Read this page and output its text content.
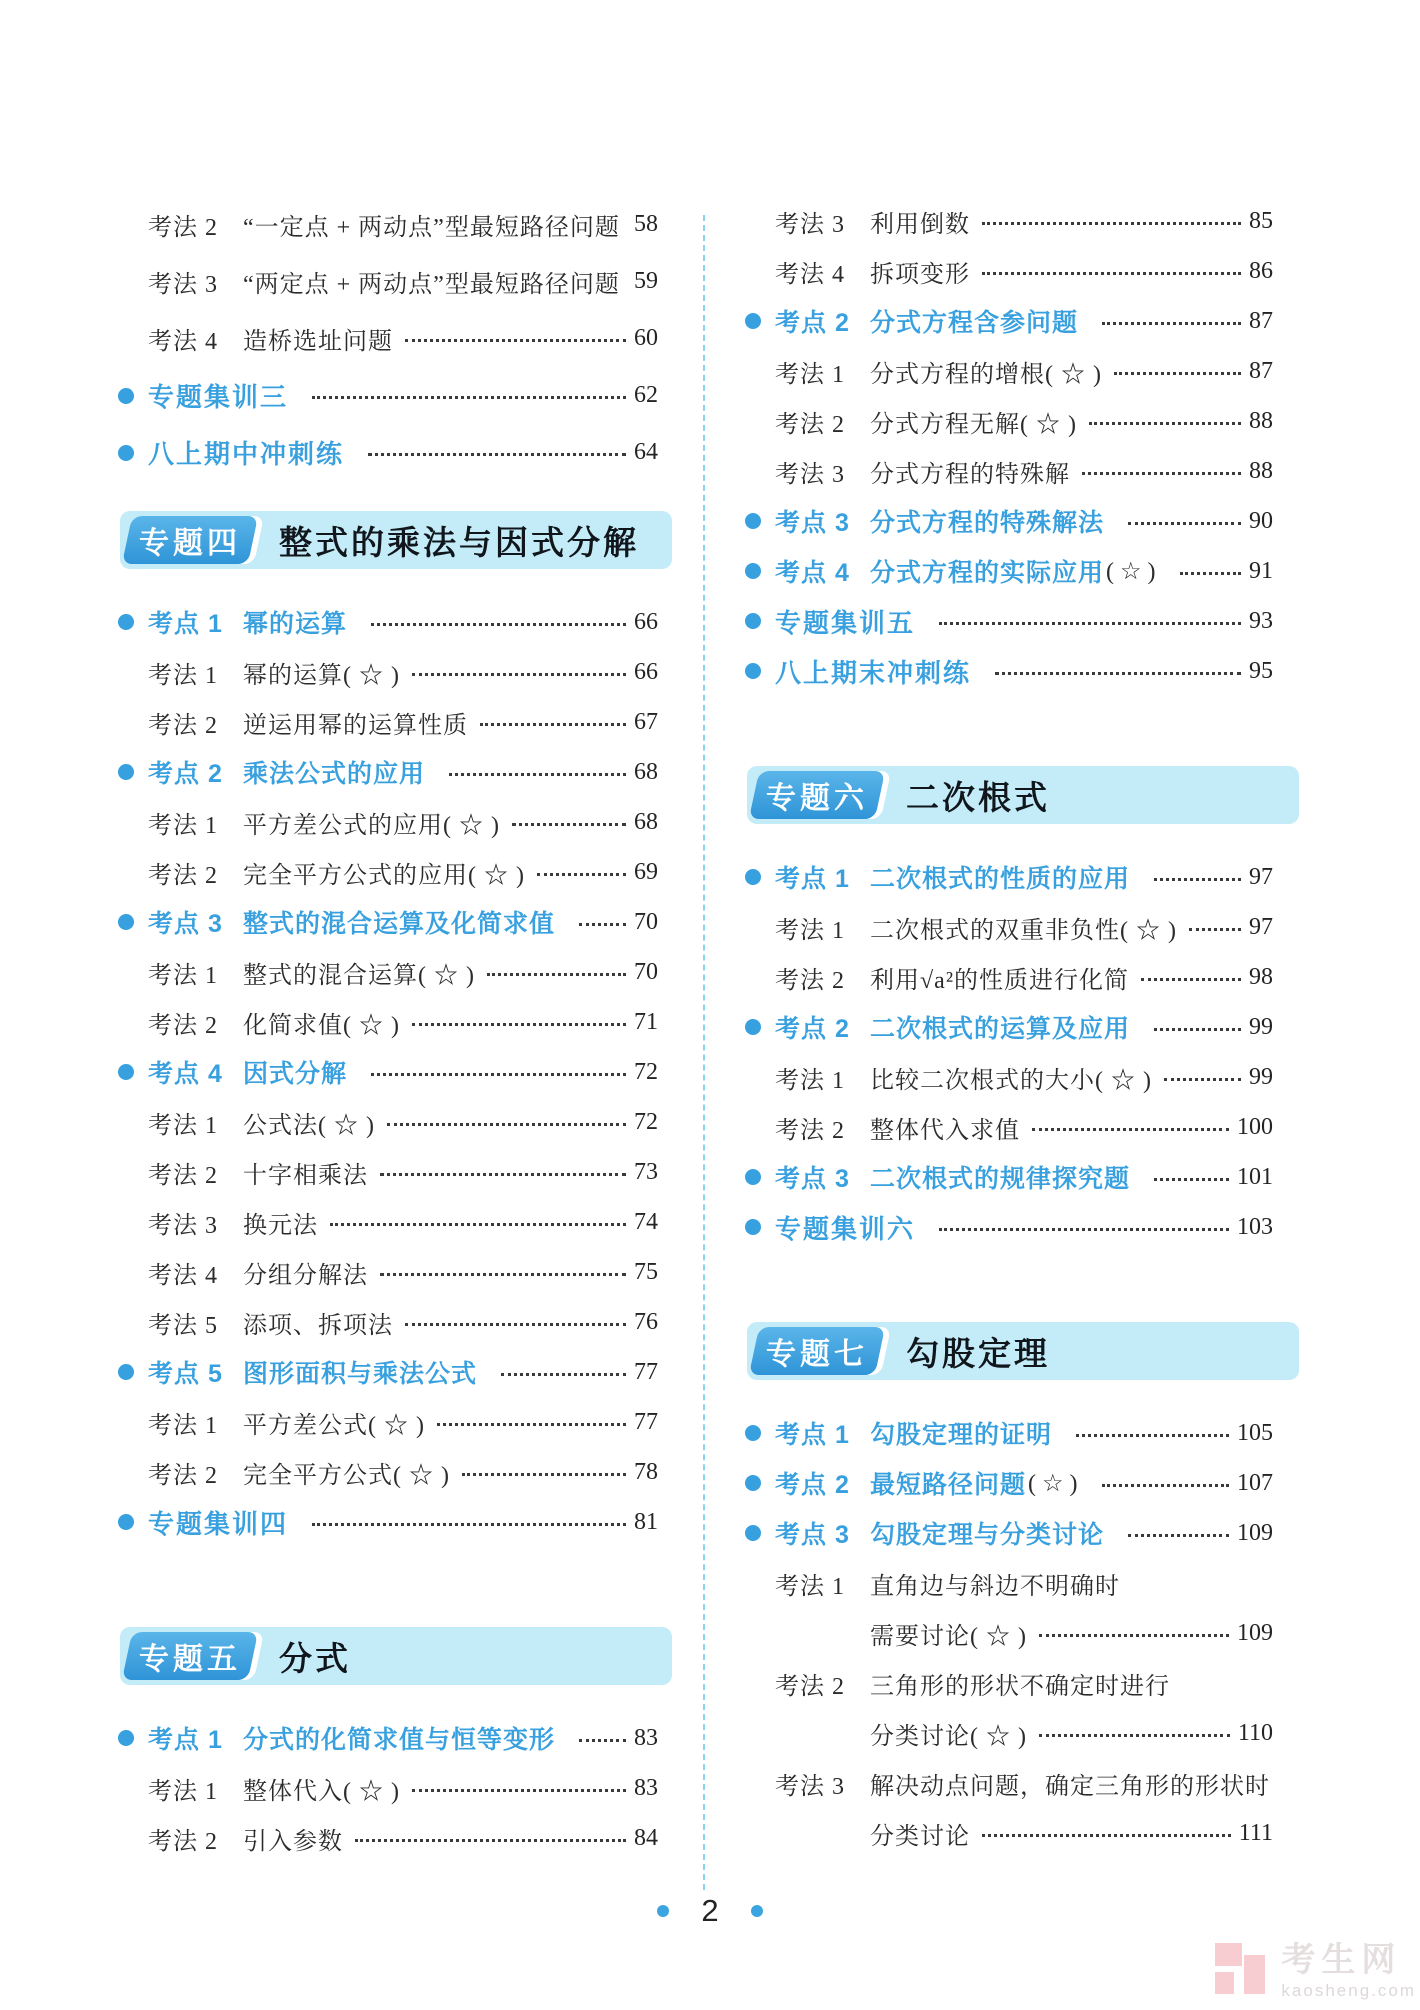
考法 2	“一定点 + 两动点”型最短路径问题 58
考法 3	“两定点 + 两动点”型最短路径问题 59
考法 4	造桥选址问题	60
专题集训三	62
八上期中冲刺练	64
专题四 整式的乘法与因式分解
考点 1 幂的运算	66
考法 1	幂的运算( ☆ )	66
考法 2	逆运用幂的运算性质	67
考点 2 乘法公式的应用	68
考法 1	平方差公式的应用( ☆ )	68
考法 2	完全平方公式的应用( ☆ )	69
考点 3 整式的混合运算及化简求值	70
考法 1	整式的混合运算( ☆ )	70
考法 2	化简求值( ☆ )	71
考点 4 因式分解	72
考法 1	公式法( ☆ )	72
考法 2	十字相乘法	73
考法 3	换元法	74
考法 4	分组分解法	75
考法 5	添项、拆项法	76
考点 5 图形面积与乘法公式	77
考法 1	平方差公式( ☆ )	77
考法 2	完全平方公式( ☆ )	78
专题集训四	81
专题五 分式
考点 1 分式的化简求值与恒等变形	83
考法 1	整体代入( ☆ )	83
考法 2	引入参数	84
考法 3	利用倒数	85
考法 4	拆项变形	86
考点 2 分式方程含参问题	87
考法 1	分式方程的增根( ☆ )	87
考法 2	分式方程无解( ☆ )	88
考法 3	分式方程的特殊解	88
考点 3 分式方程的特殊解法	90
考点 4 分式方程的实际应用 ( ☆ )	91
专题集训五	93
八上期末冲刺练	95
专题六 二次根式
考点 1 二次根式的性质的应用	97
考法 1	二次根式的双重非负性( ☆ )	97
考法 2	利用√a²的性质进行化简	98
考点 2 二次根式的运算及应用	99
考法 1	比较二次根式的大小( ☆ )	99
考法 2	整体代入求值	100
考点 3 二次根式的规律探究题	101
专题集训六	103
专题七 勾股定理
考点 1 勾股定理的证明	105
考点 2 最短路径问题 ( ☆ )	107
考点 3 勾股定理与分类讨论	109
考法 1	直角边与斜边不明确时
需要讨论( ☆ )	109
考法 2	三角形的形状不确定时进行
分类讨论( ☆ )	110
考法 3	解决动点问题，确定三角形的形状时
分类讨论	111
2
考生网
kaosheng.com
